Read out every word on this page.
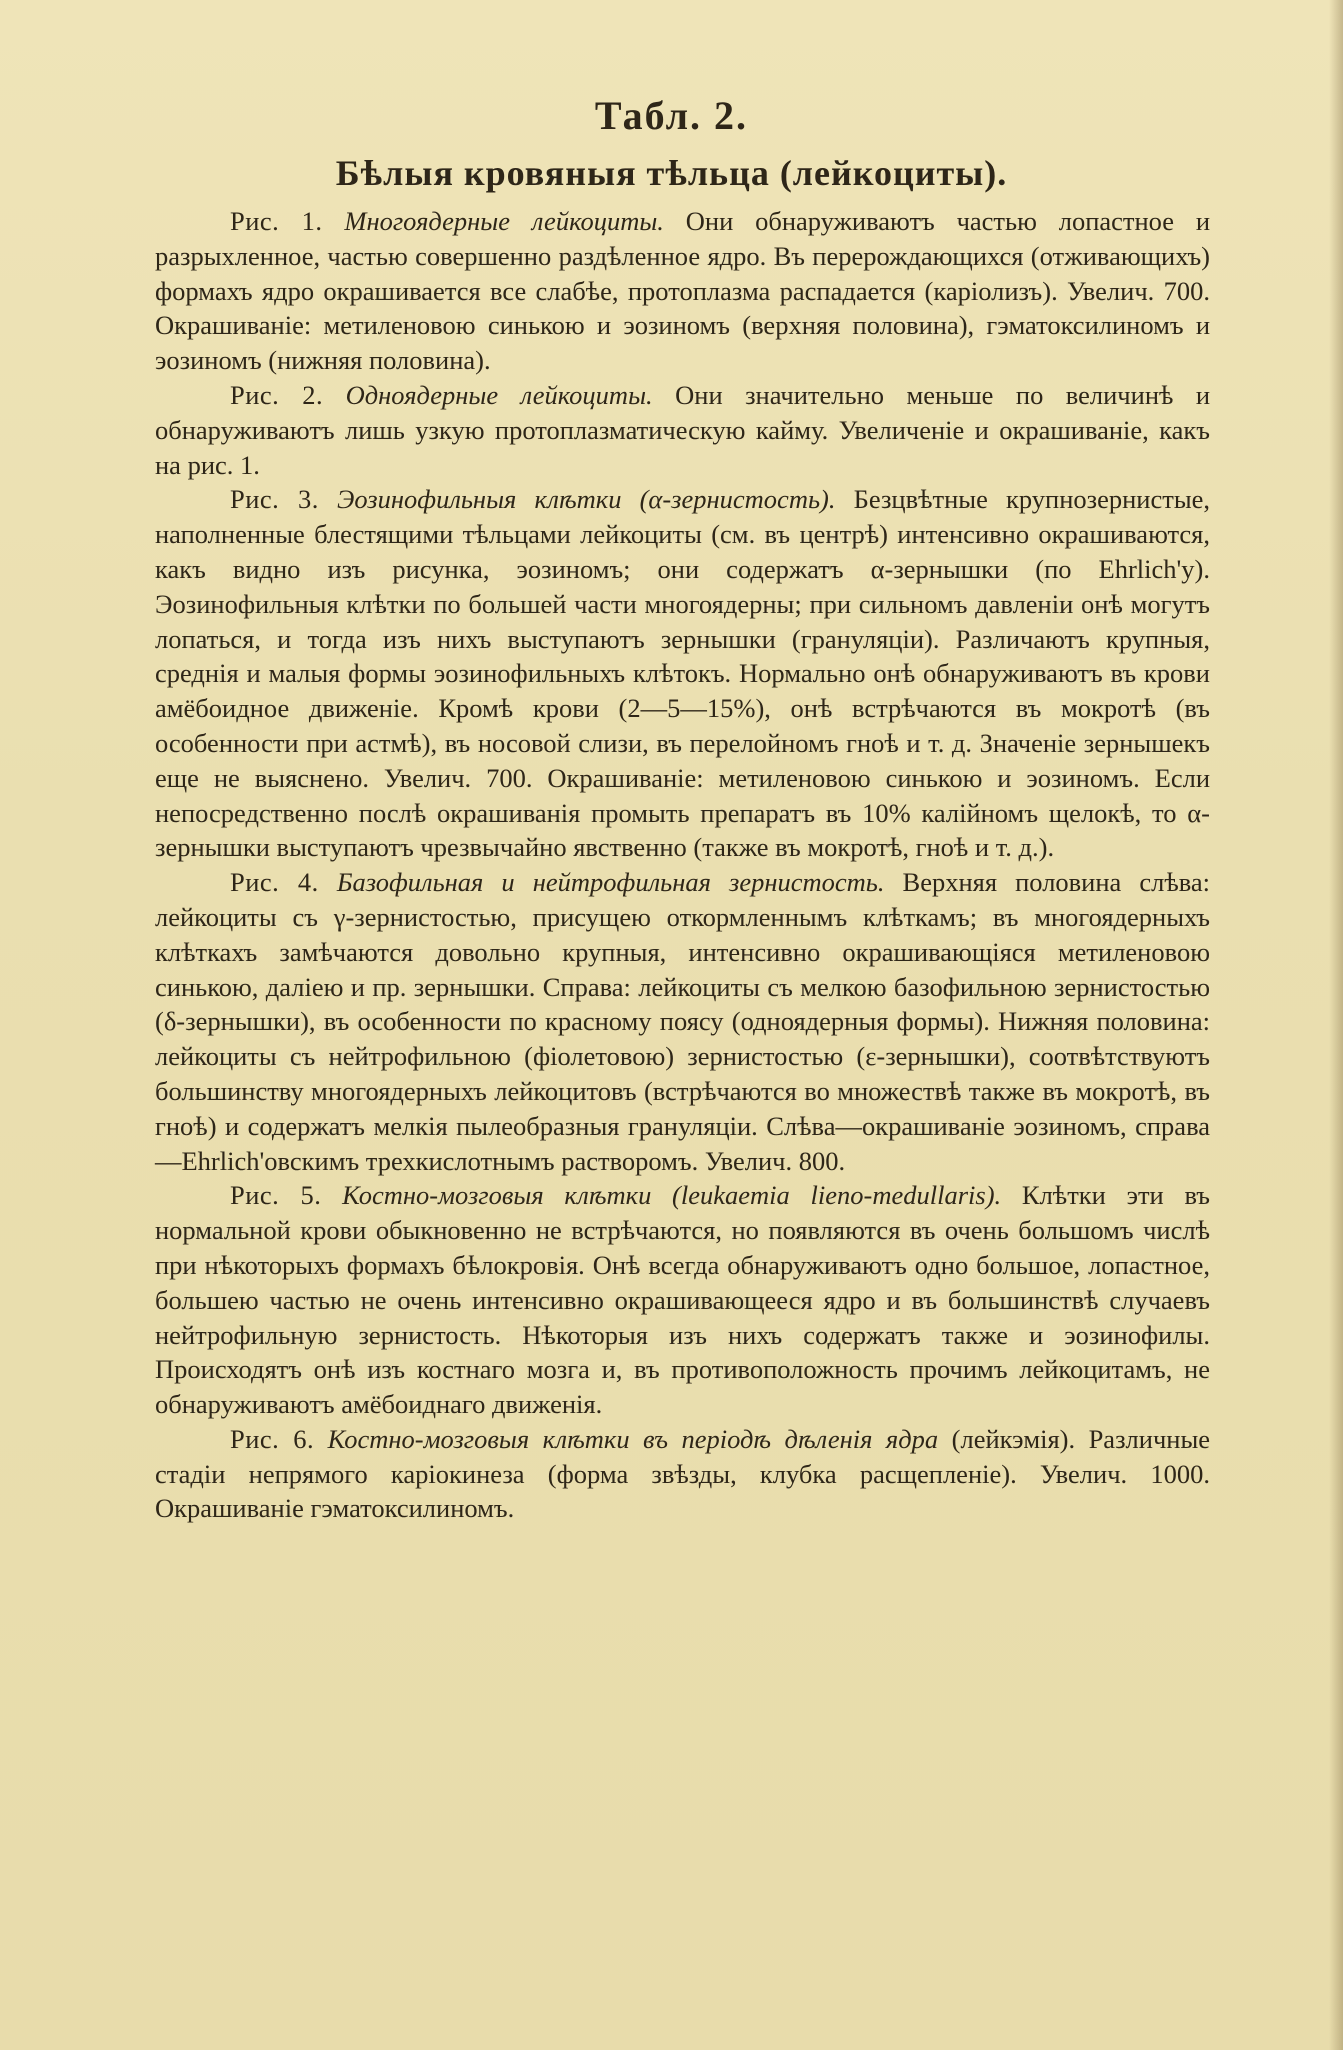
Табл. 2.
Бѣлыя кровяныя тѣльца (лейкоциты).

Рис. 1. Многоядерные лейкоциты. Они обнаруживаютъ частью лопастное и разрыхленное, частью совершенно раздѣленное ядро. Въ перерождающихся (отживающихъ) формахъ ядро окрашивается все слабѣе, протоплазма распадается (каріолизъ). Увелич. 700. Окрашиваніе: метиленовою синькою и эозиномъ (верхняя половина), гэматоксилиномъ и эозиномъ (нижняя половина).

Рис. 2. Одноядерные лейкоциты. Они значительно меньше по величинѣ и обнаруживаютъ лишь узкую протоплазматическую кайму. Увеличеніе и окрашиваніе, какъ на рис. 1.

Рис. 3. Эозинофильныя клѣтки (α-зернистость). Безцвѣтные крупнозернистые, наполненные блестящими тѣльцами лейкоциты (см. въ центрѣ) интенсивно окрашиваются, какъ видно изъ рисунка, эозиномъ; они содержатъ α-зернышки (по Ehrlich'у). Эозинофильныя клѣтки по большей части многоядерны; при сильномъ давленіи онѣ могутъ лопаться, и тогда изъ нихъ выступаютъ зернышки (грануляціи). Различаютъ крупныя, среднія и малыя формы эозинофильныхъ клѣтокъ. Нормально онѣ обнаруживаютъ въ крови амёбоидное движеніе. Кромѣ крови (2—5—15%), онѣ встрѣчаются въ мокротѣ (въ особенности при астмѣ), въ носовой слизи, въ перелойномъ гноѣ и т. д. Значеніе зернышекъ еще не выяснено. Увелич. 700. Окрашиваніе: метиленовою синькою и эозиномъ. Если непосредственно послѣ окрашиванія промыть препаратъ въ 10% калійномъ щелокѣ, то α-зернышки выступаютъ чрезвычайно явственно (также въ мокротѣ, гноѣ и т. д.).

Рис. 4. Базофильная и нейтрофильная зернистость. Верхняя половина слѣва: лейкоциты съ γ-зернистостью, присущею откормленнымъ клѣткамъ; въ многоядерныхъ клѣткахъ замѣчаются довольно крупныя, интенсивно окрашивающіяся метиленовою синькою, даліею и пр. зернышки. Справа: лейкоциты съ мелкою базофильною зернистостью (δ-зернышки), въ особенности по красному поясу (одноядерныя формы). Нижняя половина: лейкоциты съ нейтрофильною (фіолетовою) зернистостью (ε-зернышки), соотвѣтствуютъ большинству многоядерныхъ лейкоцитовъ (встрѣчаются во множествѣ также въ мокротѣ, въ гноѣ) и содержатъ мелкія пылеобразныя грануляціи. Слѣва—окрашиваніе эозиномъ, справа—Ehrlich'овскимъ трехкислотнымъ растворомъ. Увелич. 800.

Рис. 5. Костно-мозговыя клѣтки (leukaemia lieno-medullaris). Клѣтки эти въ нормальной крови обыкновенно не встрѣчаются, но появляются въ очень большомъ числѣ при нѣкоторыхъ формахъ бѣлокровія. Онѣ всегда обнаруживаютъ одно большое, лопастное, большею частью не очень интенсивно окрашивающееся ядро и въ большинствѣ случаевъ нейтрофильную зернистость. Нѣкоторыя изъ нихъ содержатъ также и эозинофилы. Происходятъ онѣ изъ костнаго мозга и, въ противоположность прочимъ лейкоцитамъ, не обнаруживаютъ амёбоиднаго движенія.

Рис. 6. Костно-мозговыя клѣтки въ періодѣ дѣленія ядра (лейкэмія). Различные стадіи непрямого каріокинеза (форма звѣзды, клубка расщепленіе). Увелич. 1000. Окрашиваніе гэматоксилиномъ.
